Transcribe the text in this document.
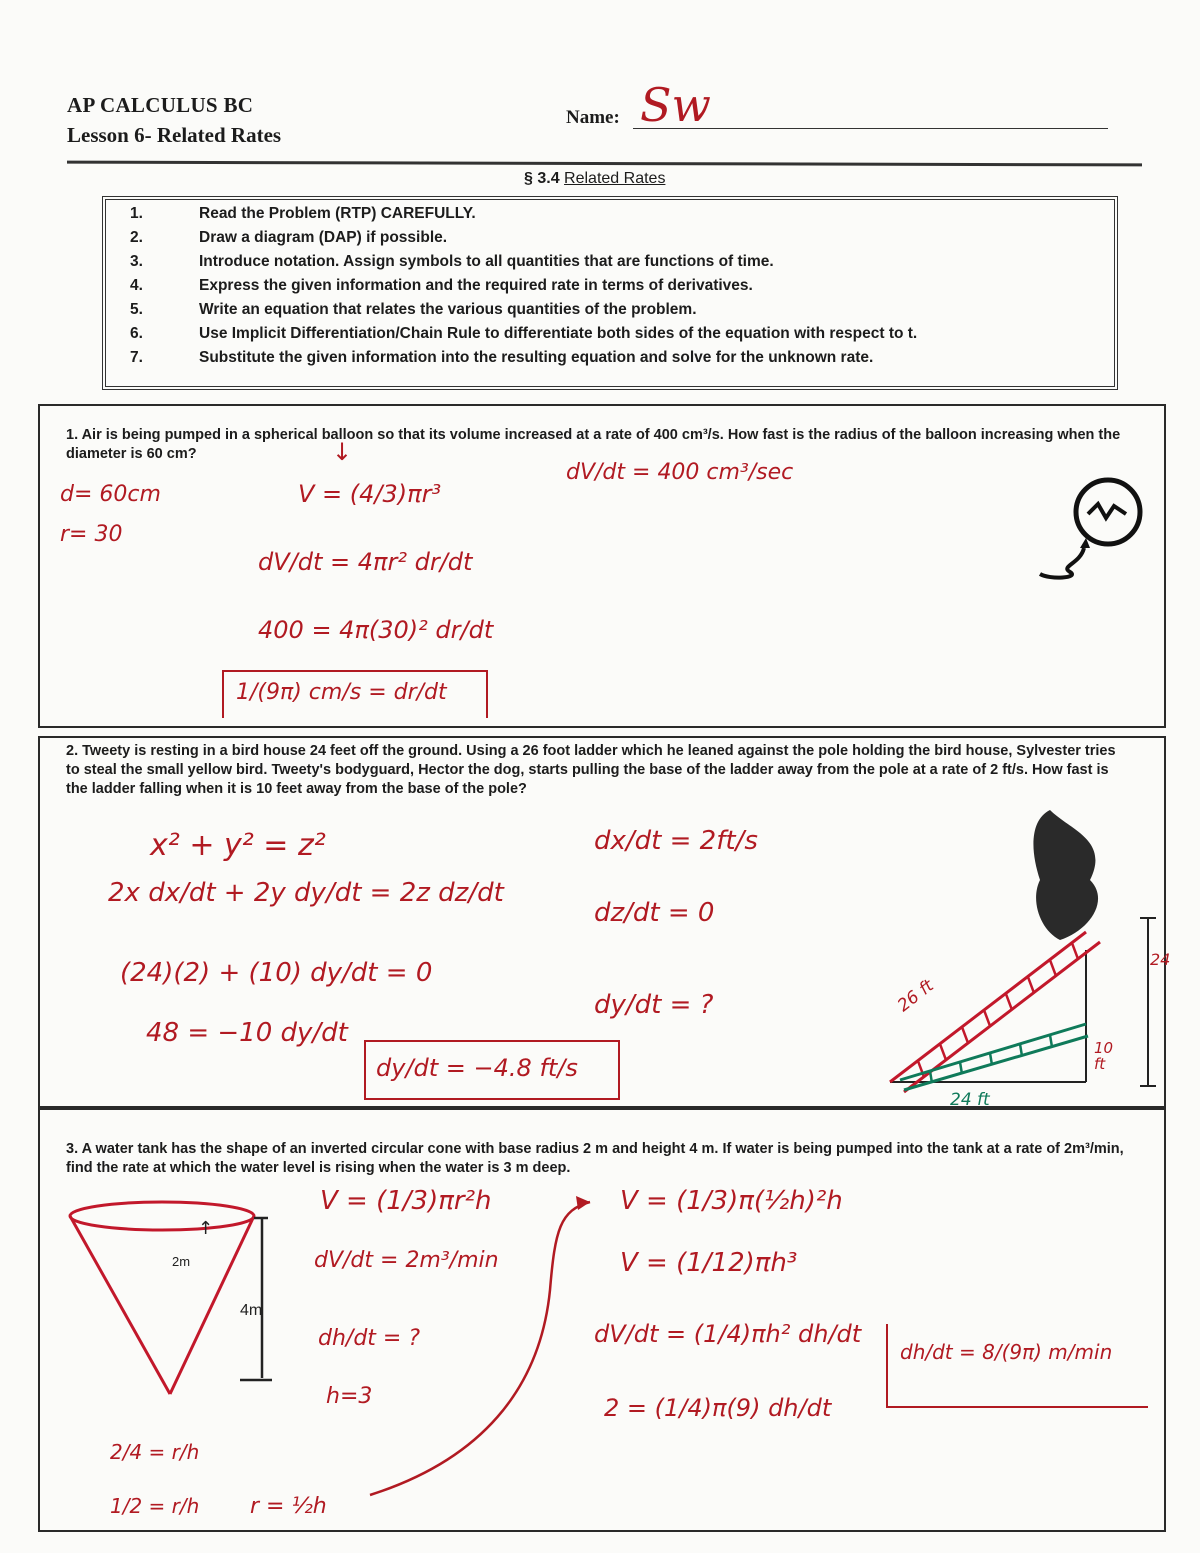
AP CALCULUS BC
Lesson 6- Related Rates
Name: Sw
§ 3.4 Related Rates
1.	Read the Problem (RTP) CAREFULLY.
2.	Draw a diagram (DAP) if possible.
3.	Introduce notation. Assign symbols to all quantities that are functions of time.
4.	Express the given information and the required rate in terms of derivatives.
5.	Write an equation that relates the various quantities of the problem.
6.	Use Implicit Differentiation/Chain Rule to differentiate both sides of the equation with respect to t.
7.	Substitute the given information into the resulting equation and solve for the unknown rate.
1. Air is being pumped in a spherical balloon so that its volume increased at a rate of 400 cm³/s. How fast is the radius of the balloon increasing when the diameter is 60 cm?
d= 60cm
r= 30
V = (4/3)πr³
dV/dt = 400 cm³/sec
dV/dt = 4πr² dr/dt
400 = 4π(30)² dr/dt
1/(9π) cm/s = dr/dt
↓
2. Tweety is resting in a bird house 24 feet off the ground. Using a 26 foot ladder which he leaned against the pole holding the bird house, Sylvester tries to steal the small yellow bird. Tweety's bodyguard, Hector the dog, starts pulling the base of the ladder away from the pole at a rate of 2 ft/s. How fast is the ladder falling when it is 10 feet away from the base of the pole?
x² + y² = z²
2x dx/dt + 2y dy/dt = 2z dz/dt
(24)(2) + (10) dy/dt = 0
48 = −10 dy/dt
dy/dt = −4.8 ft/s
dx/dt = 2ft/s
dz/dt = 0
dy/dt = ?	26 ft
24
10 ft
24 ft
3. A water tank has the shape of an inverted circular cone with base radius 2 m and height 4 m. If water is being pumped into the tank at a rate of 2m³/min, find the rate at which the water level is rising when the water is 3 m deep.
↑
2m
4m
V = (1/3)πr²h
dV/dt = 2m³/min
dh/dt = ?
h=3
2/4 = r/h
1/2 = r/h r = ½h
V = (1/3)π(½h)²h
V = (1/12)πh³
dV/dt = (1/4)πh² dh/dt
2 = (1/4)π(9) dh/dt
dh/dt = 8/(9π) m/min
